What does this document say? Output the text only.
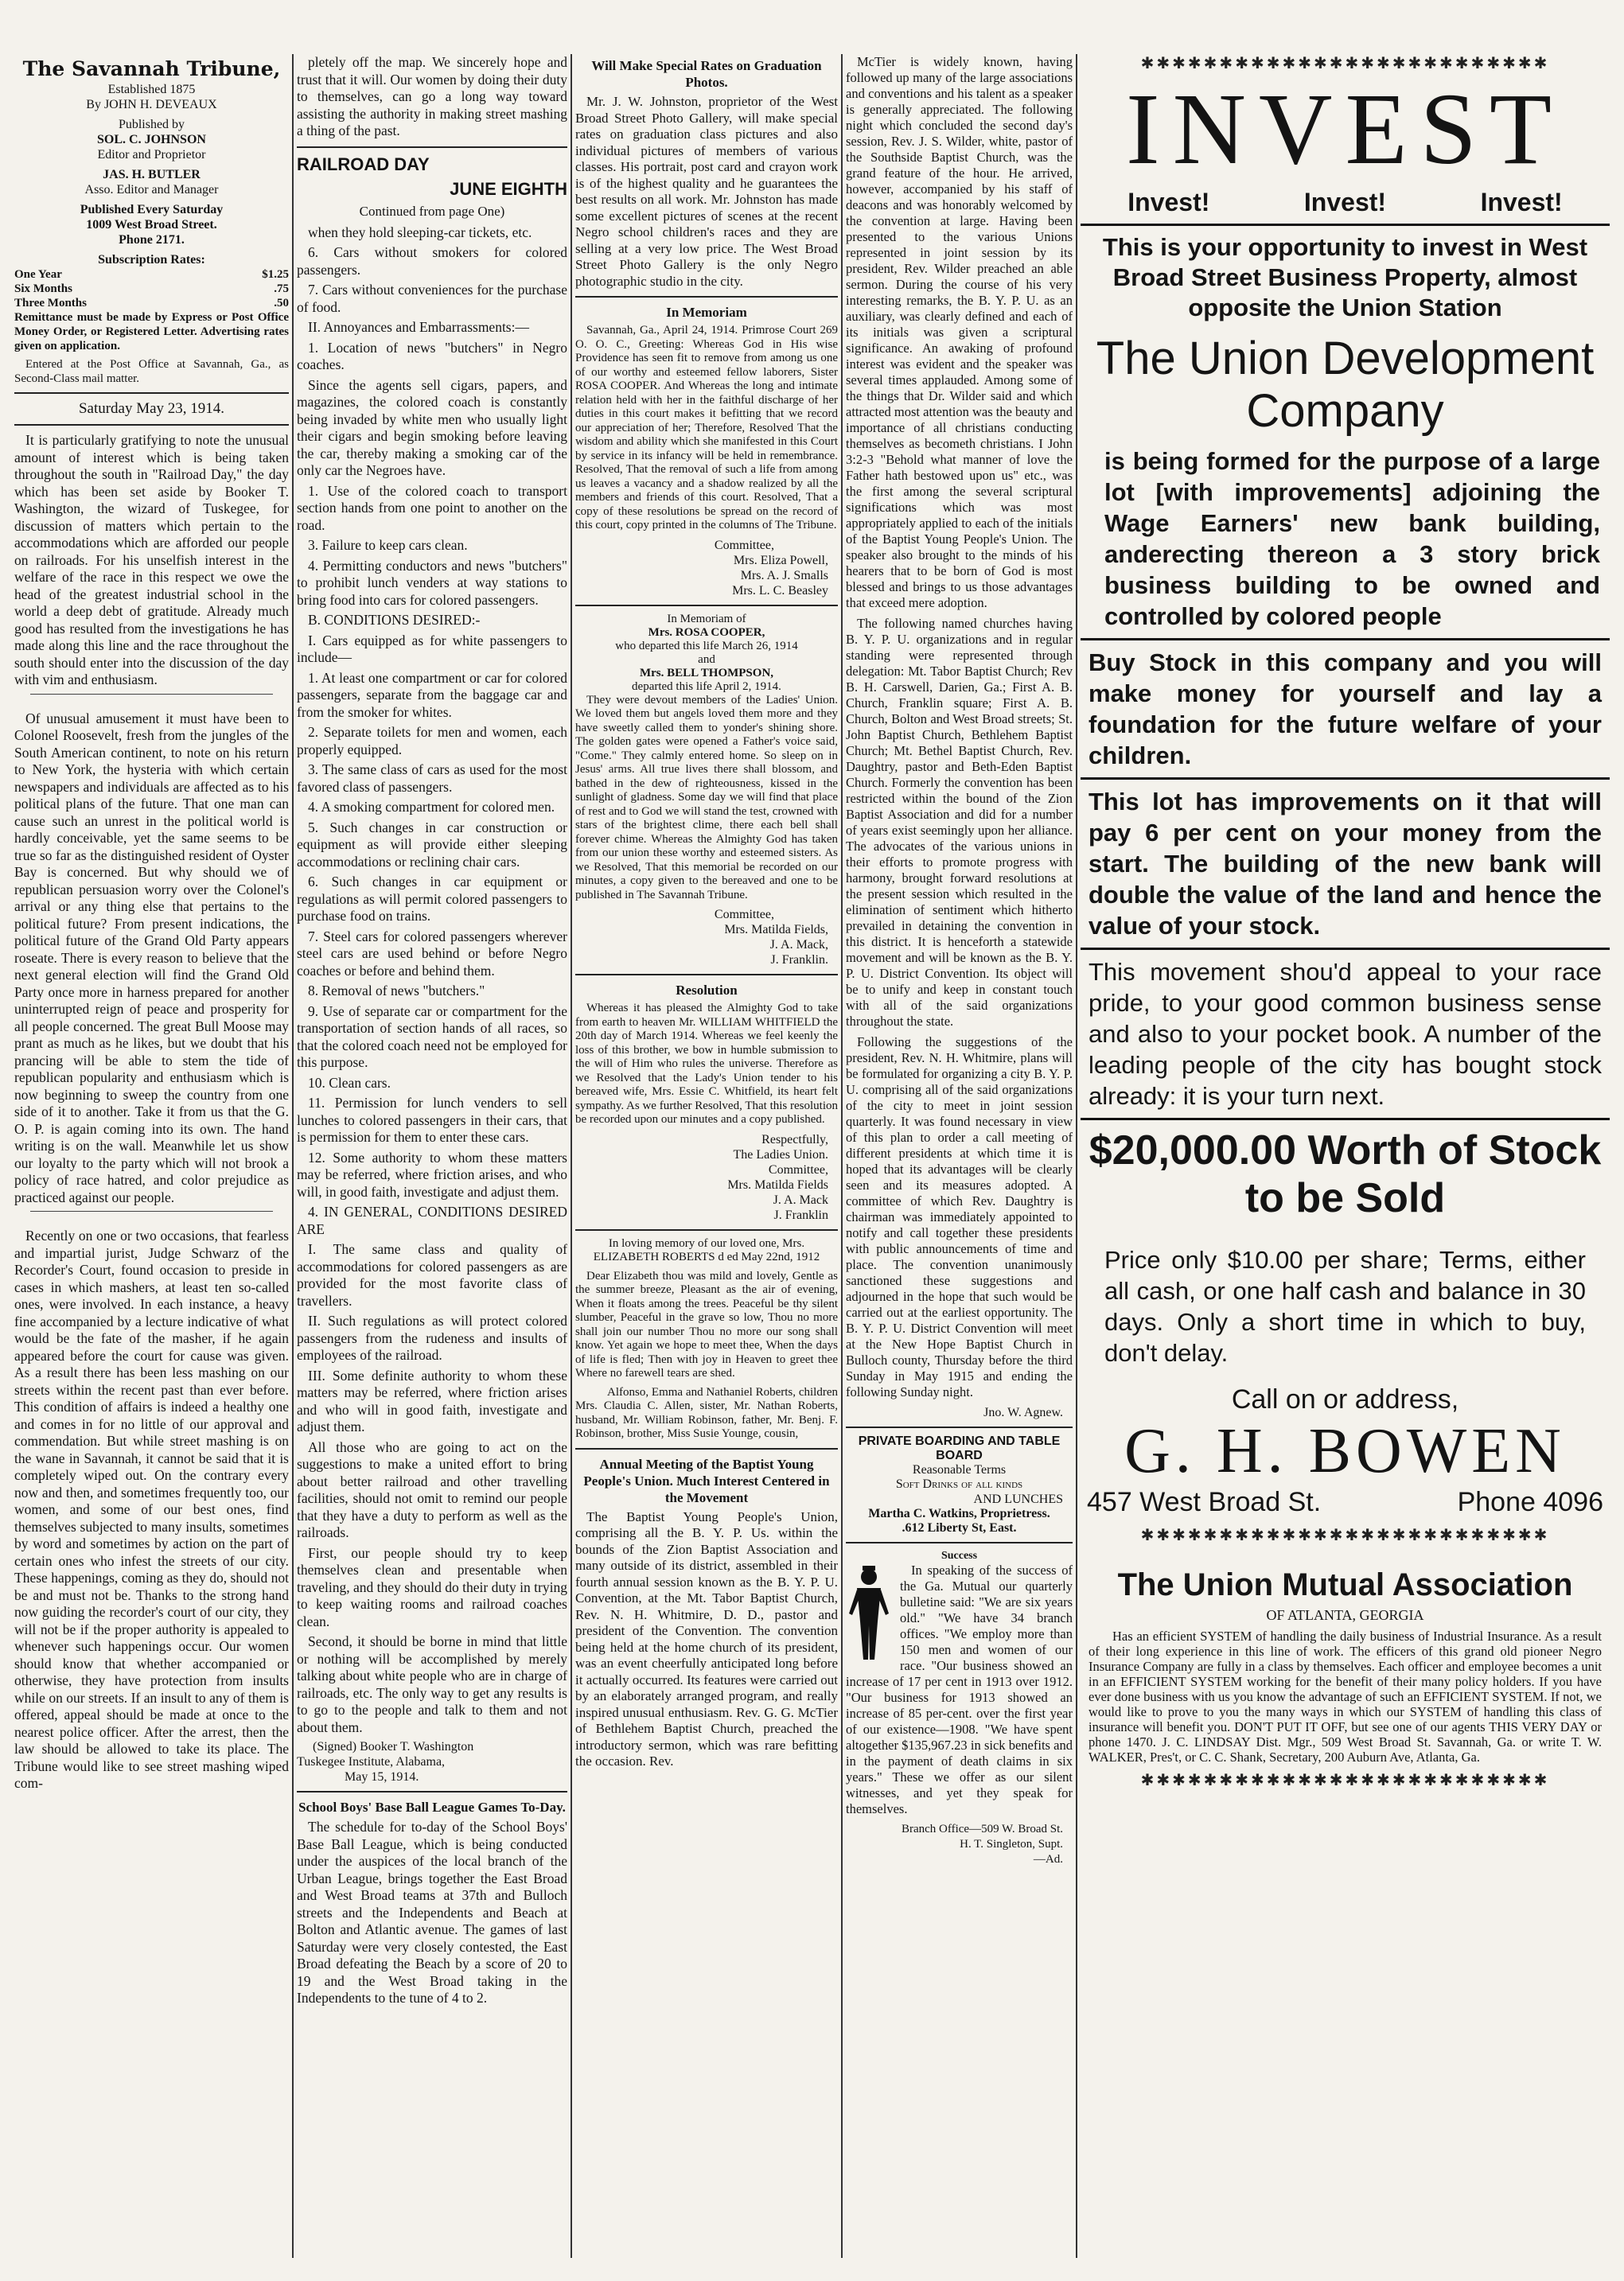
The Savannah Tribune,
Established 1875
By JOHN H. DEVEAUX
Published by
SOL. C. JOHNSON
Editor and Proprietor
JAS. H. BUTLER
Asso. Editor and Manager
Published Every Saturday
1009 West Broad Street.
Phone 2171.
Subscription Rates:
One Year	$1.25
Six Months	.75
Three Months	.50
Remittance must be made by Express or Post Office Money Order, or Registered Letter. Advertising rates given on application.

Entered at the Post Office at Savannah, Ga., as Second-Class mail matter.

Saturday May 23, 1914.

It is particularly gratifying to note the unusual amount of interest which is being taken throughout the south in "Railroad Day," the day which has been set aside by Booker T. Washington, the wizard of Tuskegee, for discussion of matters which pertain to the accommodations which are afforded our people on railroads. For his unselfish interest in the welfare of the race in this respect we owe the head of the greatest industrial school in the world a deep debt of gratitude. Already much good has resulted from the investigations he has made along this line and the race throughout the south should enter into the discussion of the day with vim and enthusiasm.

Of unusual amusement it must have been to Colonel Roosevelt, fresh from the jungles of the South American continent, to note on his return to New York, the hysteria with which certain newspapers and individuals are affected as to his political plans of the future. That one man can cause such an unrest in the political world is hardly conceivable, yet the same seems to be true so far as the distinguished resident of Oyster Bay is concerned. But why should we of republican persuasion worry over the Colonel's arrival or any thing else that pertains to the political future? From present indications, the political future of the Grand Old Party appears roseate. There is every reason to believe that the next general election will find the Grand Old Party once more in harness prepared for another uninterrupted reign of peace and prosperity for all people concerned. The great Bull Moose may prant as much as he likes, but we doubt that his prancing will be able to stem the tide of republican popularity and enthusiasm which is now beginning to sweep the country from one side of it to another. Take it from us that the G. O. P. is again coming into its own. The hand writing is on the wall. Meanwhile let us show our loyalty to the party which will not brook a policy of race hatred, and color prejudice as practiced against our people.

Recently on one or two occasions, that fearless and impartial jurist, Judge Schwarz of the Recorder's Court, found occasion to preside in cases in which mashers, at least ten so-called ones, were involved. In each instance, a heavy fine accompanied by a lecture indicative of what would be the fate of the masher, if he again appeared before the court for cause was given. As a result there has been less mashing on our streets within the recent past than ever before. This condition of affairs is indeed a healthy one and comes in for no little of our approval and commendation. But while street mashing is on the wane in Savannah, it cannot be said that it is completely wiped out. On the contrary every now and then, and sometimes frequently too, our women, and some of our best ones, find themselves subjected to many insults, sometimes by word and sometimes by action on the part of certain ones who infest the streets of our city. These happenings, coming as they do, should not be and must not be. Thanks to the strong hand now guiding the recorder's court of our city, they will not be if the proper authority is appealed to whenever such happenings occur. Our women should know that whether accompanied or otherwise, they have protection from insults while on our streets. If an insult to any of them is offered, appeal should be made at once to the nearest police officer. After the arrest, then the law should be allowed to take its place. The Tribune would like to see street mashing wiped com-

pletely off the map. We sincerely hope and trust that it will. Our women by doing their duty to themselves, can go a long way toward assisting the authority in making street mashing a thing of the past.

RAILROAD DAY
JUNE EIGHTH
Continued from page One)

when they hold sleeping-car tickets, etc.

6. Cars without smokers for colored passengers.

7. Cars without conveniences for the purchase of food.

II. Annoyances and Embarrassments:—

1. Location of news "butchers" in Negro coaches.

Since the agents sell cigars, papers, and magazines, the colored coach is constantly being invaded by white men who usually light their cigars and begin smoking before leaving the car, thereby making a smoking car of the only car the Negroes have.

1. Use of the colored coach to transport section hands from one point to another on the road.

3. Failure to keep cars clean.

4. Permitting conductors and news "butchers" to prohibit lunch venders at way stations to bring food into cars for colored passengers.

B. CONDITIONS DESIRED:-

I. Cars equipped as for white passengers to include—

1. At least one compartment or car for colored passengers, separate from the baggage car and from the smoker for whites.

2. Separate toilets for men and women, each properly equipped.

3. The same class of cars as used for the most favored class of passengers.

4. A smoking compartment for colored men.

5. Such changes in car construction or equipment as will provide either sleeping accommodations or reclining chair cars.

6. Such changes in car equipment or regulations as will permit colored passengers to purchase food on trains.

7. Steel cars for colored passengers wherever steel cars are used behind or before Negro coaches or before and behind them.

8. Removal of news "butchers."

9. Use of separate car or compartment for the transportation of section hands of all races, so that the colored coach need not be employed for this purpose.

10. Clean cars.

11. Permission for lunch venders to sell lunches to colored passengers in their cars, that is permission for them to enter these cars.

12. Some authority to whom these matters may be referred, where friction arises, and who will, in good faith, investigate and adjust them.

4. IN GENERAL, CONDITIONS DESIRED ARE

I. The same class and quality of accommodations for colored passengers as are provided for the most favorite class of travellers.

II. Such regulations as will protect colored passengers from the rudeness and insults of employees of the railroad.

III. Some definite authority to whom these matters may be referred, where friction arises and who will in good faith, investigate and adjust them.

All those who are going to act on the suggestions to make a united effort to bring about better railroad and other travelling facilities, should not omit to remind our people that they have a duty to perform as well as the railroads.

First, our people should try to keep themselves clean and presentable when traveling, and they should do their duty in trying to keep waiting rooms and railroad coaches clean.

Second, it should be borne in mind that little or nothing will be accomplished by merely talking about white people who are in charge of railroads, etc. The only way to get any results is to go to the people and talk to them and not about them.

(Signed) Booker T. Washington
Tuskegee Institute, Alabama,
May 15, 1914.
School Boys' Base Ball League Games To-Day.

The schedule for to-day of the School Boys' Base Ball League, which is being conducted under the auspices of the local branch of the Urban League, brings together the East Broad and West Broad teams at 37th and Bulloch streets and the Independents and Beach at Bolton and Atlantic avenue. The games of last Saturday were very closely contested, the East Broad defeating the Beach by a score of 20 to 19 and the West Broad taking in the Independents to the tune of 4 to 2.

Will Make Special Rates on Graduation Photos.

Mr. J. W. Johnston, proprietor of the West Broad Street Photo Gallery, will make special rates on graduation class pictures and also individual pictures of members of various classes. His portrait, post card and crayon work is of the highest quality and he guarantees the best results on all work. Mr. Johnston has made some excellent pictures of scenes at the recent Negro school children's races and they are selling at a very low price. The West Broad Street Photo Gallery is the only Negro photographic studio in the city.

In Memoriam

Savannah, Ga., April 24, 1914. Primrose Court 269 O. O. C., Greeting: Whereas God in His wise Providence has seen fit to remove from among us one of our worthy and esteemed fellow laborers, Sister ROSA COOPER. And Whereas the long and intimate relation held with her in the faithful discharge of her duties in this court makes it befitting that we record our appreciation of her; Therefore, Resolved That the wisdom and ability which she manifested in this Court by service in its infancy will be held in remembrance. Resolved, That the removal of such a life from among us leaves a vacancy and a shadow realized by all the members and friends of this court. Resolved, That a copy of these resolutions be spread on the record of this court, copy printed in the columns of The Tribune.

Committee,
Mrs. Eliza Powell,
Mrs. A. J. Smalls
Mrs. L. C. Beasley
In Memoriam of
Mrs. ROSA COOPER,
who departed this life March 26, 1914
and
Mrs. BELL THOMPSON,
departed this life April 2, 1914.

They were devout members of the Ladies' Union. We loved them but angels loved them more and they have sweetly called them to yonder's shining shore. The golden gates were opened a Father's voice said, "Come." They calmly entered home. So sleep on in Jesus' arms. All true lives there shall blossom, and bathed in the dew of righteousness, kissed in the sunlight of gladness. Some day we will find that place of rest and to God we will stand the test, crowned with stars of the brightest clime, there each bell shall forever chime. Whereas the Almighty God has taken from our union these worthy and esteemed sisters. As we Resolved, That this memorial be recorded on our minutes, a copy given to the bereaved and one to be published in The Savannah Tribune.

Committee,
Mrs. Matilda Fields,
J. A. Mack,
J. Franklin.
Resolution

Whereas it has pleased the Almighty God to take from earth to heaven Mr. WILLIAM WHITFIELD the 20th day of March 1914. Whereas we feel keenly the loss of this brother, we bow in humble submission to the will of Him who rules the universe. Therefore as we Resolved that the Lady's Union tender to his bereaved wife, Mrs. Essie C. Whitfield, its heart felt sympathy. As we further Resolved, That this resolution be recorded upon our minutes and a copy published.

Respectfully,
The Ladies Union.
Committee,
Mrs. Matilda Fields
J. A. Mack
J. Franklin

In loving memory of our loved one, Mrs. ELIZABETH ROBERTS d ed May 22nd, 1912

Dear Elizabeth thou was mild and lovely, Gentle as the summer breeze, Pleasant as the air of evening, When it floats among the trees. Peaceful be thy silent slumber, Peaceful in the grave so low, Thou no more shall join our number Thou no more our song shall know. Yet again we hope to meet thee, When the days of life is fled; Then with joy in Heaven to greet thee Where no farewell tears are shed.

Alfonso, Emma and Nathaniel Roberts, children Mrs. Claudia C. Allen, sister, Mr. Nathan Roberts, husband, Mr. William Robinson, father, Mr. Benj. F. Robinson, brother, Miss Susie Younge, cousin,

Annual Meeting of the Baptist Young People's Union. Much Interest Centered in the Movement

The Baptist Young People's Union, comprising all the B. Y. P. Us. within the bounds of the Zion Baptist Association and many outside of its district, assembled in their fourth annual session known as the B. Y. P. U. Convention, at the Mt. Tabor Baptist Church, Rev. N. H. Whitmire, D. D., pastor and president of the Convention. The convention being held at the home church of its president, was an event cheerfully anticipated long before it actually occurred. Its features were carried out by an elaborately arranged program, and really inspired unusual enthusiasm. Rev. G. G. McTier of Bethlehem Baptist Church, preached the introductory sermon, which was rare befitting the occasion. Rev.

McTier is widely known, having followed up many of the large associations and conventions and his talent as a speaker is generally appreciated. The following night which concluded the second day's session, Rev. J. S. Wilder, white, pastor of the Southside Baptist Church, was the grand feature of the hour. He arrived, however, accompanied by his staff of deacons and was honorably welcomed by the convention at large. Having been presented to the various Unions represented in joint session by its president, Rev. Wilder preached an able sermon. During the course of his very interesting remarks, the B. Y. P. U. as an auxiliary, was clearly defined and each of its initials was given a scriptural significance. An awaking of profound interest was evident and the speaker was several times applauded. Among some of the things that Dr. Wilder said and which attracted most attention was the beauty and importance of all christians conducting themselves as becometh christians. I John 3:2-3 "Behold what manner of love the Father hath bestowed upon us" etc., was the first among the several scriptural significations which was most appropriately applied to each of the initials of the Baptist Young People's Union. The speaker also brought to the minds of his hearers that to be born of God is most blessed and brings to us those advantages that exceed mere adoption.

The following named churches having B. Y. P. U. organizations and in regular standing were represented through delegation: Mt. Tabor Baptist Church; Rev B. H. Carswell, Darien, Ga.; First A. B. Church, Franklin square; First A. B. Church, Bolton and West Broad streets; St. John Baptist Church, Bethlehem Baptist Church; Mt. Bethel Baptist Church, Rev. Daughtry, pastor and Beth-Eden Baptist Church. Formerly the convention has been restricted within the bound of the Zion Baptist Association and did for a number of years exist seemingly upon her alliance. The advocates of the various unions in their efforts to promote progress with harmony, brought forward resolutions at the present session which resulted in the elimination of sentiment which hitherto prevailed in detaining the convention in this district. It is henceforth a statewide movement and will be known as the B. Y. P. U. District Convention. Its object will be to unify and keep in constant touch with all of the said organizations throughout the state.

Following the suggestions of the president, Rev. N. H. Whitmire, plans will be formulated for organizing a city B. Y. P. U. comprising all of the said organizations of the city to meet in joint session quarterly. It was found necessary in view of this plan to order a call meeting of different presidents at which time it is hoped that its advantages will be clearly seen and its measures adopted. A committee of which Rev. Daughtry is chairman was immediately appointed to notify and call together these presidents with public announcements of time and place. The convention unanimously sanctioned these suggestions and adjourned in the hope that such would be carried out at the earliest opportunity. The B. Y. P. U. District Convention will meet at the New Hope Baptist Church in Bulloch county, Thursday before the third Sunday in May 1915 and ending the following Sunday night.

Jno. W. Agnew.
PRIVATE BOARDING AND TABLE BOARD
Reasonable Terms
Soft Drinks of all kinds
AND LUNCHES
Martha C. Watkins, Proprietress.
.612 Liberty St, East.
Success

In speaking of the success of the Ga. Mutual our quarterly bulletine said: "We are six years old." "We have 34 branch offices. "We employ more than 150 men and women of our race. "Our business showed an increase of 17 per cent in 1913 over 1912. "Our business for 1913 showed an increase of 85 per-cent. over the first year of our existence—1908. "We have spent altogether $135,967.23 in sick benefits and in the payment of death claims in six years." These we offer as our silent witnesses, and yet they speak for themselves.

Branch Office—509 W. Broad St.
H. T. Singleton, Supt.
—Ad.
✱✱✱✱✱✱✱✱✱✱✱✱✱✱✱✱✱✱✱✱✱✱✱✱✱✱
INVEST
Invest!	Invest!	Invest!
This is your opportunity to invest in West Broad Street Business Property, almost opposite the Union Station
The Union Development
Company
is being formed for the purpose of a large lot [with improvements] adjoining the Wage Earners' new bank building, anderecting thereon a 3 story brick business building to be owned and controlled by colored people
Buy Stock in this company and you will make money for yourself and lay a foundation for the future welfare of your children.
This lot has improvements on it that will pay 6 per cent on your money from the start. The building of the new bank will double the value of the land and hence the value of your stock.
This movement shou'd appeal to your race pride, to your good common business sense and also to your pocket book. A number of the leading people of the city has bought stock already: it is your turn next.
$20,000.00 Worth of Stock
to be Sold
Price only $10.00 per share; Terms, either all cash, or one half cash and balance in 30 days. Only a short time in which to buy, don't delay.
Call on or address,
G. H. BOWEN
457 West Broad St.	Phone 4096
✱✱✱✱✱✱✱✱✱✱✱✱✱✱✱✱✱✱✱✱✱✱✱✱✱✱
The Union Mutual Association
OF ATLANTA, GEORGIA
Has an efficient SYSTEM of handling the daily business of Industrial Insurance. As a result of their long experience in this line of work. The efficers of this grand old pioneer Negro Insurance Company are fully in a class by themselves. Each officer and employee becomes a unit in an EFFICIENT SYSTEM working for the benefit of their many policy holders. If you have ever done business with us you know the advantage of such an EFFICIENT SYSTEM. If not, we would like to prove to you the many ways in which our SYSTEM of handling this class of insurance will benefit you. DON'T PUT IT OFF, but see one of our agents THIS VERY DAY or phone 1470. J. C. LINDSAY Dist. Mgr., 509 West Broad St. Savannah, Ga. or write T. W. WALKER, Pres't, or C. C. Shank, Secretary, 200 Auburn Ave, Atlanta, Ga.
✱✱✱✱✱✱✱✱✱✱✱✱✱✱✱✱✱✱✱✱✱✱✱✱✱✱
